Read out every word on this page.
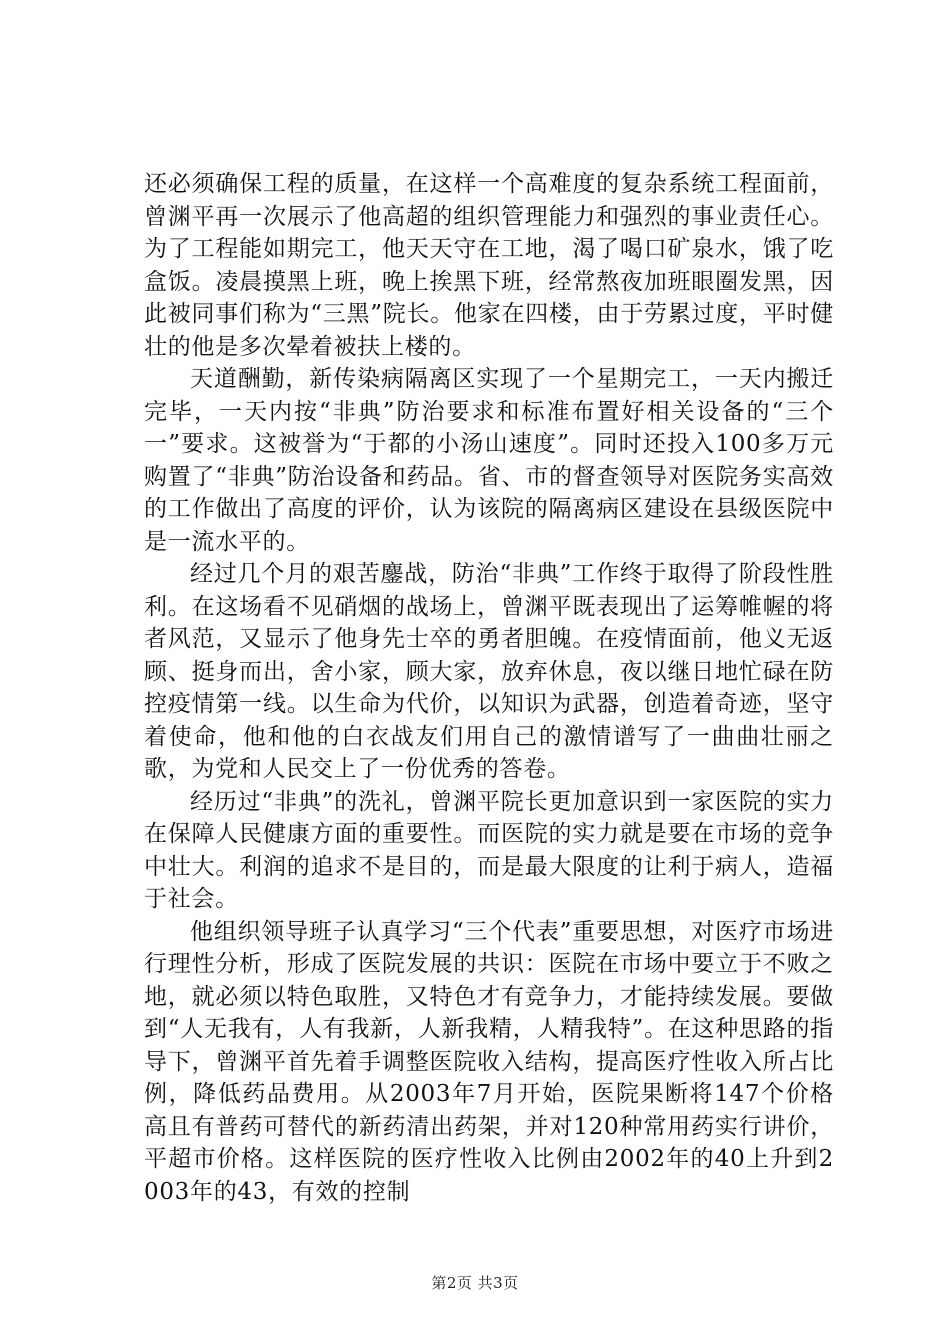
还必须确保工程的质量，在这样一个高难度的复杂系统工程面前，曾渊平再一次展示了他高超的组织管理能力和强烈的事业责任心。为了工程能如期完工，他天天守在工地，渴了喝口矿泉水，饿了吃盒饭。凌晨摸黑上班，晚上挨黑下班，经常熬夜加班眼圈发黑，因此被同事们称为“三黑”院长。他家在四楼，由于劳累过度，平时健壮的他是多次晕着被扶上楼的。

天道酬勤，新传染病隔离区实现了一个星期完工，一天内搬迁完毕，一天内按“非典”防治要求和标准布置好相关设备的“三个一”要求。这被誉为“于都的小汤山速度”。同时还投入100多万元购置了“非典”防治设备和药品。省、市的督查领导对医院务实高效的工作做出了高度的评价，认为该院的隔离病区建设在县级医院中是一流水平的。

经过几个月的艰苦鏖战，防治“非典”工作终于取得了阶段性胜利。在这场看不见硝烟的战场上，曾渊平既表现出了运筹帷幄的将者风范，又显示了他身先士卒的勇者胆魄。在疫情面前，他义无返顾、挺身而出，舍小家，顾大家，放弃休息，夜以继日地忙碌在防控疫情第一线。以生命为代价，以知识为武器，创造着奇迹，坚守着使命，他和他的白衣战友们用自己的激情谱写了一曲曲壮丽之歌，为党和人民交上了一份优秀的答卷。

经历过“非典”的洗礼，曾渊平院长更加意识到一家医院的实力在保障人民健康方面的重要性。而医院的实力就是要在市场的竞争中壮大。利润的追求不是目的，而是最大限度的让利于病人，造福于社会。

他组织领导班子认真学习“三个代表”重要思想，对医疗市场进行理性分析，形成了医院发展的共识：医院在市场中要立于不败之地，就必须以特色取胜，又特色才有竞争力，才能持续发展。要做到“人无我有，人有我新，人新我精，人精我特”。在这种思路的指导下，曾渊平首先着手调整医院收入结构，提高医疗性收入所占比例，降低药品费用。从2003年7月开始，医院果断将147个价格高且有普药可替代的新药清出药架，并对120种常用药实行讲价，平超市价格。这样医院的医疗性收入比例由2002年的40上升到2003年的43，有效的控制

第2页 共3页
